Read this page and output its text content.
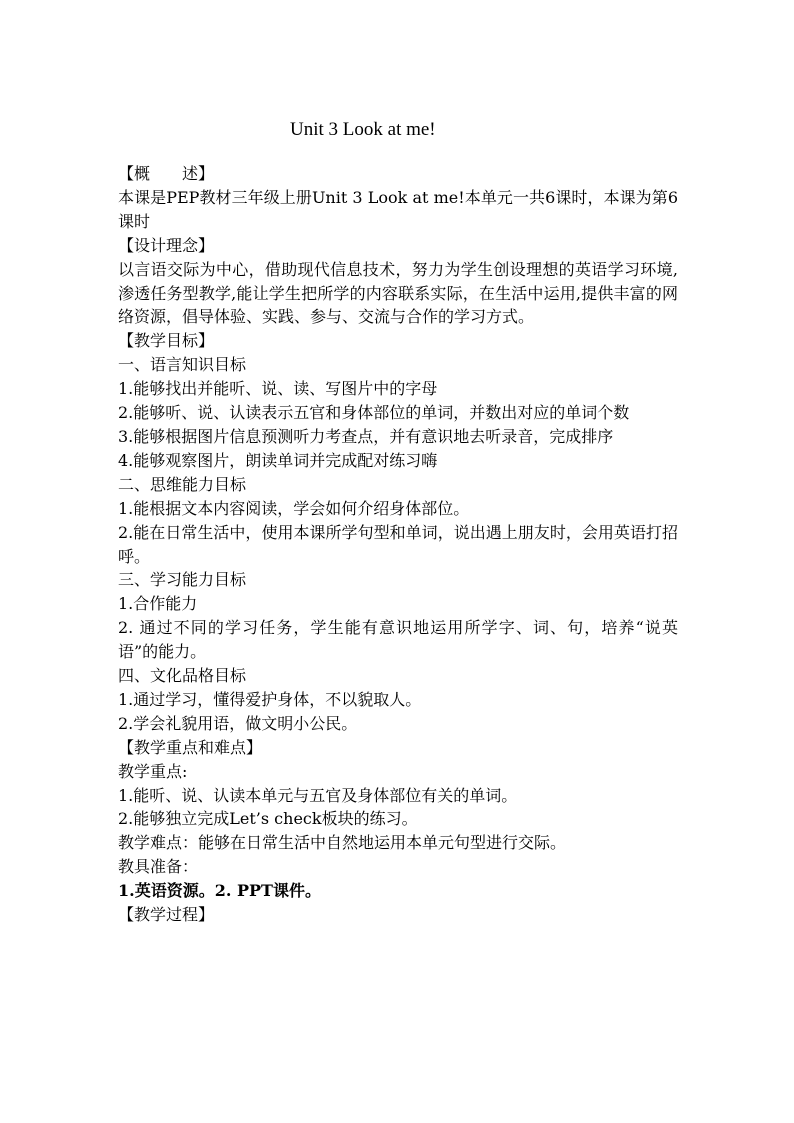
Unit 3 Look at me!

【概　　述】

本课是PEP教材三年级上册Unit 3 Look at me!本单元一共6课时，本课为第6课时

【设计理念】

以言语交际为中心，借助现代信息技术，努力为学生创设理想的英语学习环境,渗透任务型教学,能让学生把所学的内容联系实际，在生活中运用,提供丰富的网络资源，倡导体验、实践、参与、交流与合作的学习方式。

【教学目标】

一、语言知识目标

1.能够找出并能听、说、读、写图片中的字母

2.能够听、说、认读表示五官和身体部位的单词，并数出对应的单词个数

3.能够根据图片信息预测听力考查点，并有意识地去听录音，完成排序

4.能够观察图片，朗读单词并完成配对练习嗨

二、思维能力目标

1.能根据文本内容阅读，学会如何介绍身体部位。

2.能在日常生活中，使用本课所学句型和单词，说出遇上朋友时，会用英语打招呼。

三、学习能力目标

1.合作能力

2. 通过不同的学习任务，学生能有意识地运用所学字、词、句，培养“说英语”的能力。

四、文化品格目标

1.通过学习，懂得爱护身体，不以貌取人。

2.学会礼貌用语，做文明小公民。

【教学重点和难点】

教学重点:

1.能听、说、认读本单元与五官及身体部位有关的单词。

2.能够独立完成Let’s check板块的练习。

教学难点：能够在日常生活中自然地运用本单元句型进行交际。

教具准备：

1.英语资源。2. PPT课件。

【教学过程】
